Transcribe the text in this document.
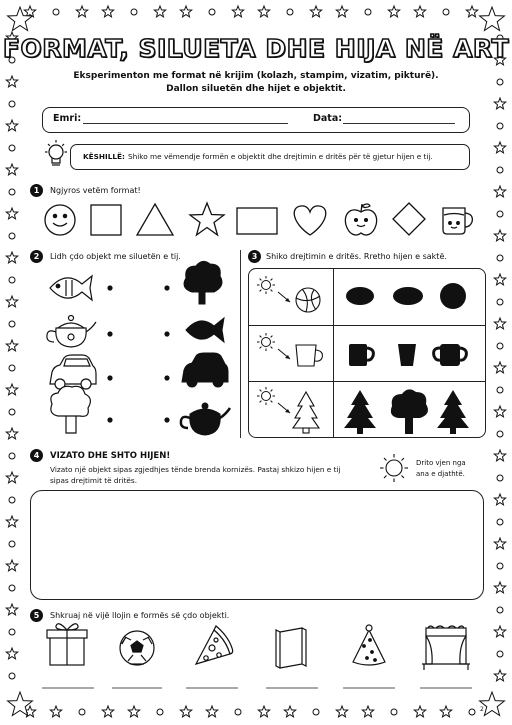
FORMAT, SILUETA DHE HIJA NË ART
Eksperimenton me format në krijim (kolazh, stampim, vizatim, pikturë).
Dallon siluetën dhe hijet e objektit.
Emri:	Data:
KËSHILLË: Shiko me vëmendje formën e objektit dhe drejtimin e dritës për të gjetur hijen e tij.
1	Ngjyros vetëm format!
2	Lidh çdo objekt me siluetën e tij.	3	Shiko drejtimin e dritës. Rretho hijen e saktë.
4	VIZATO DHE SHTO HIJEN!
Vizato një objekt sipas zgjedhjes tënde brenda kornizës. Pastaj shkizo hijen e tij
sipas drejtimit të dritës.
Drito vjen nga
ana e djathtë.
5	Shkruaj në vijë llojin e formës së çdo objekti.
2
